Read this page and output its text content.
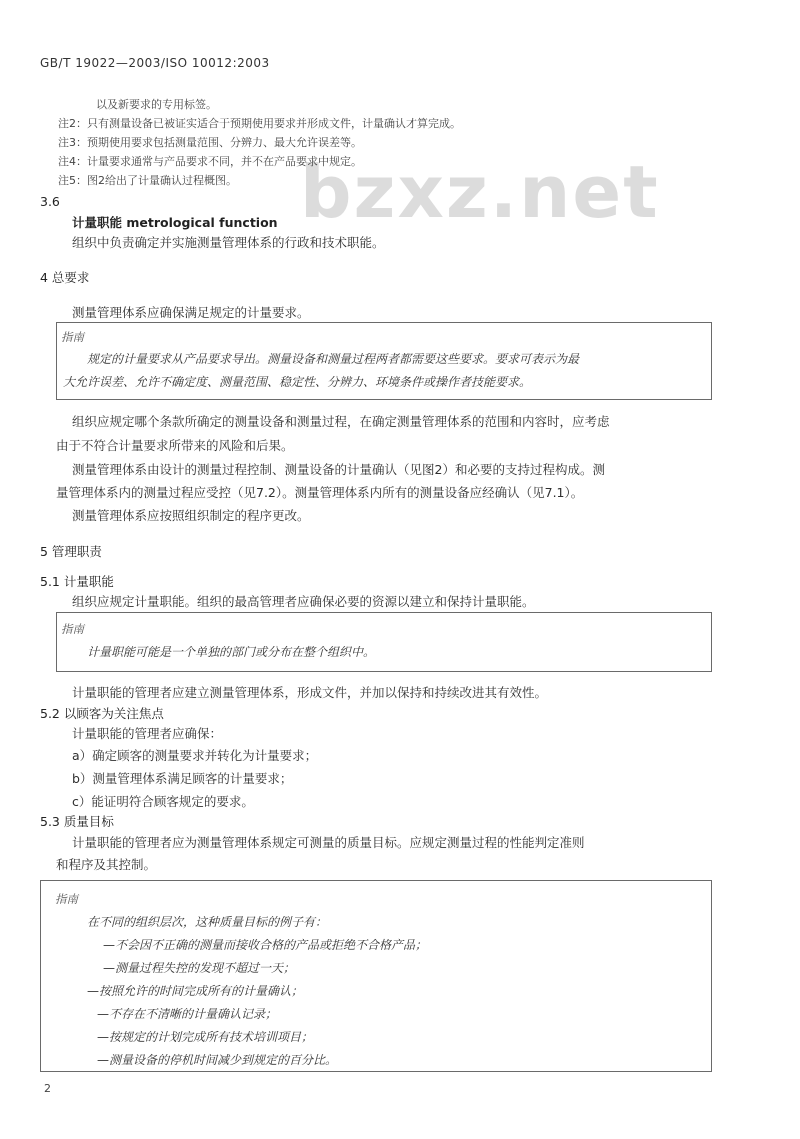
GB/T 19022—2003/ISO 10012:2003
bzxz.net
以及新要求的专用标签。
注2：只有测量设备已被证实适合于预期使用要求并形成文件，计量确认才算完成。
注3：预期使用要求包括测量范围、分辨力、最大允许误差等。
注4：计量要求通常与产品要求不同，并不在产品要求中规定。
注5：图2给出了计量确认过程概图。
3.6
计量职能 metrological function
组织中负责确定并实施测量管理体系的行政和技术职能。
4 总要求
测量管理体系应确保满足规定的计量要求。
指南
规定的计量要求从产品要求导出。测量设备和测量过程两者都需要这些要求。要求可表示为最
大允许误差、允许不确定度、测量范围、稳定性、分辨力、环境条件或操作者技能要求。
组织应规定哪个条款所确定的测量设备和测量过程，在确定测量管理体系的范围和内容时，应考虑
由于不符合计量要求所带来的风险和后果。
测量管理体系由设计的测量过程控制、测量设备的计量确认（见图2）和必要的支持过程构成。测
量管理体系内的测量过程应受控（见7.2）。测量管理体系内所有的测量设备应经确认（见7.1）。
测量管理体系应按照组织制定的程序更改。
5 管理职责
5.1 计量职能
组织应规定计量职能。组织的最高管理者应确保必要的资源以建立和保持计量职能。
指南
计量职能可能是一个单独的部门或分布在整个组织中。
计量职能的管理者应建立测量管理体系，形成文件，并加以保持和持续改进其有效性。
5.2 以顾客为关注焦点
计量职能的管理者应确保：
a）确定顾客的测量要求并转化为计量要求；
b）测量管理体系满足顾客的计量要求；
c）能证明符合顾客规定的要求。
5.3 质量目标
计量职能的管理者应为测量管理体系规定可测量的质量目标。应规定测量过程的性能判定准则
和程序及其控制。
指南
在不同的组织层次，这种质量目标的例子有：
—不会因不正确的测量而接收合格的产品或拒绝不合格产品；
—测量过程失控的发现不超过一天；
—按照允许的时间完成所有的计量确认；
—不存在不清晰的计量确认记录；
—按规定的计划完成所有技术培训项目；
—测量设备的停机时间减少到规定的百分比。
2
